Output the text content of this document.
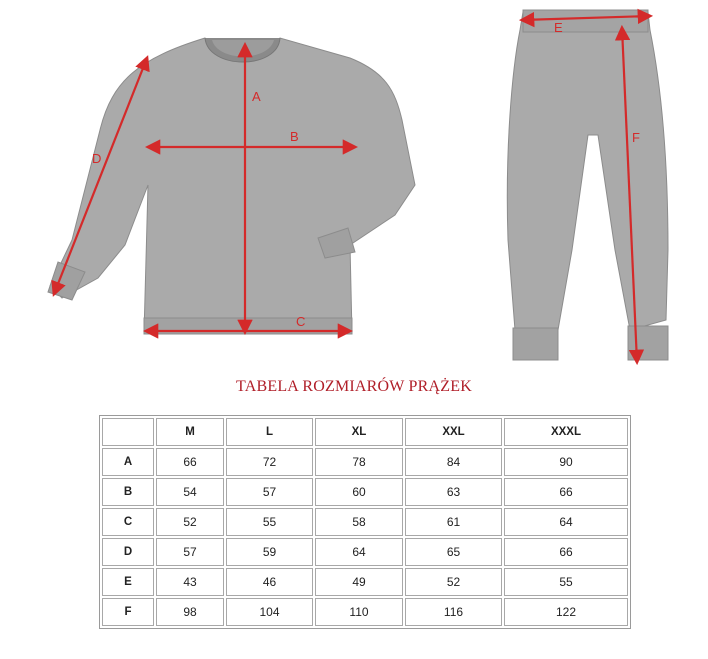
A
B
C
D
E
F
TABELA ROZMIARÓW PRĄŻEK
	M	L	XL	XXL	XXXL
A	66	72	78	84	90
B	54	57	60	63	66
C	52	55	58	61	64
D	57	59	64	65	66
E	43	46	49	52	55
F	98	104	110	116	122
